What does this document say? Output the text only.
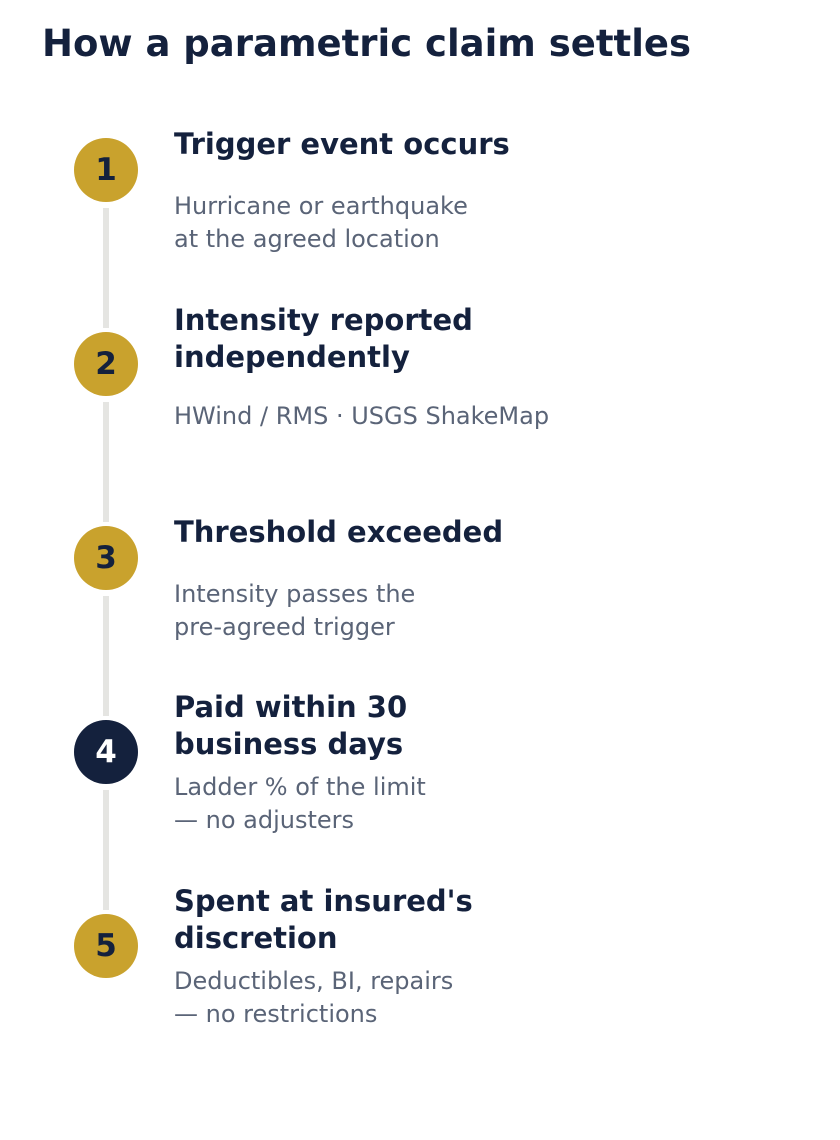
How a parametric claim settles
1
Trigger event occurs

Hurricane or earthquake
at the agreed location

2
Intensity reported independently

HWind / RMS · USGS ShakeMap

3
Threshold exceeded

Intensity passes the
pre-agreed trigger

4
Paid within 30 business days

Ladder % of the limit
— no adjusters

5
Spent at insured's discretion

Deductibles, BI, repairs
— no restrictions
